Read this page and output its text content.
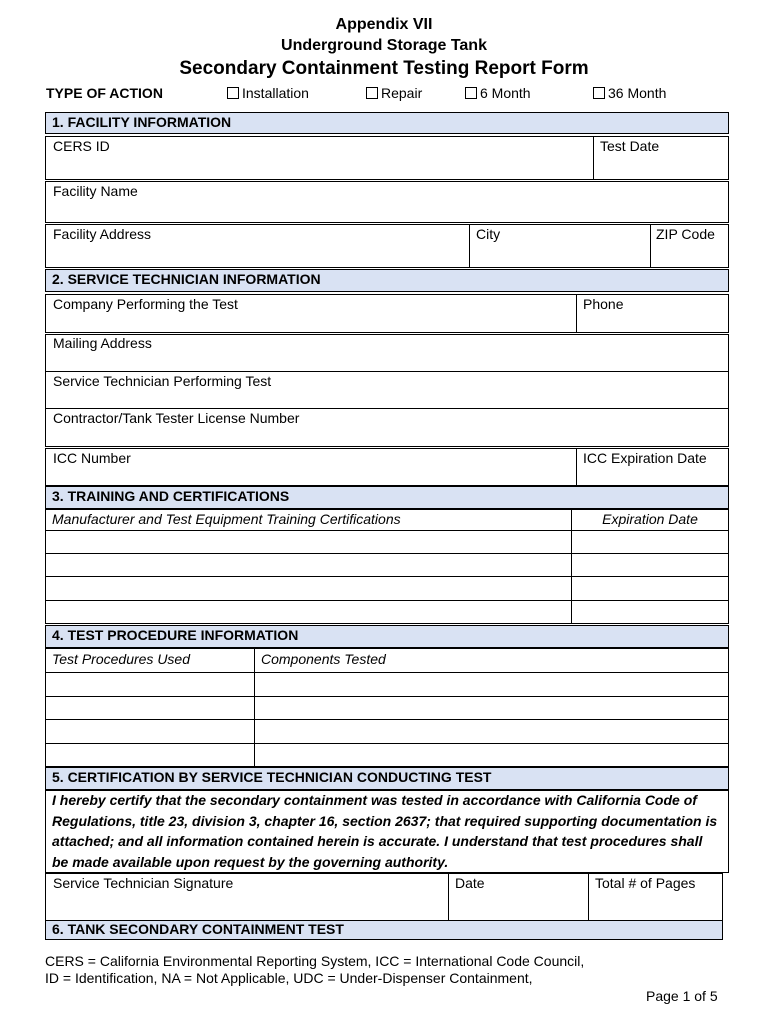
Appendix VII
Underground Storage Tank
Secondary Containment Testing Report Form
TYPE OF ACTION	Installation	Repair	6 Month	36 Month
1. FACILITY INFORMATION
CERS ID	Test Date
Facility Name
Facility Address	City	ZIP Code
2. SERVICE TECHNICIAN INFORMATION
Company Performing the Test	Phone
Mailing Address
Service Technician Performing Test
Contractor/Tank Tester License Number
ICC Number	ICC Expiration Date
3. TRAINING AND CERTIFICATIONS
Manufacturer and Test Equipment Training Certifications	Expiration Date
4. TEST PROCEDURE INFORMATION
Test Procedures Used	Components Tested
5. CERTIFICATION BY SERVICE TECHNICIAN CONDUCTING TEST
I hereby certify that the secondary containment was tested in accordance with California Code of Regulations, title 23, division 3, chapter 16, section 2637; that required supporting documentation is attached; and all information contained herein is accurate. I understand that test procedures shall be made available upon request by the governing authority.
Service Technician Signature	Date	Total # of Pages
6. TANK SECONDARY CONTAINMENT TEST
CERS = California Environmental Reporting System, ICC = International Code Council,
ID = Identification, NA = Not Applicable, UDC = Under-Dispenser Containment,
Page 1 of 5
